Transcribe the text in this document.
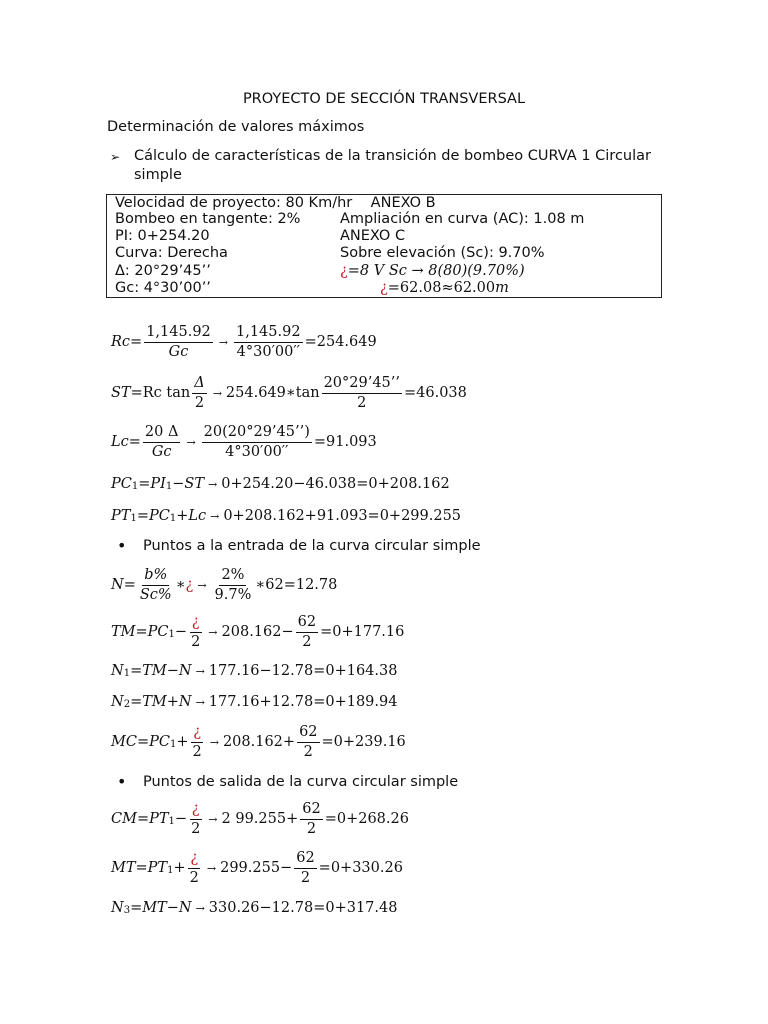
PROYECTO DE SECCIÓN TRANSVERSAL
Determinación de valores máximos
➢ Cálculo de características de la transición de bombeo CURVA 1 Circular simple
Velocidad de proyecto: 80 Km/hr ANEXO B
Bombeo en tangente: 2%	Ampliación en curva (AC): 1.08 m
PI: 0+254.20	ANEXO C
Curva: Derecha	Sobre elevación (Sc): 9.70%
Δ: 20°29’45’’	¿=8 V Sc → 8(80)(9.70%)
Gc: 4°30’00’’	¿=62.08≈62.00m
$Rc = \frac{1,145.92}{Gc} \to \frac{1,145.92}{4^\circ 30'00''} =254.649$
ST =Rc $\tan \frac{\Delta}{2}$ → 254.649∗tan $\frac{20^\circ 29’45’’}{2} =46.038$
$Lc = \frac{20 \Delta}{Gc} \to \frac{20(20^\circ 29’45’’)}{4^\circ 30'00''} =91.093$
$PC_1 =PI_1 -ST \to 0+254.20-46.038=0+208.162$
$PT_1 =PC_1 +Lc \to 0+208.162+91.093=0+299.255$
• Puntos a la entrada de la curva circular simple
$N= \frac{b\%}{Sc\%}$ ∗ ¿ → $\frac{2\%}{9.7\%}$ ∗62=12.78
$TM=PC_1 - \frac{¿}{2} \to 208.162- \frac{62}{2} =0+177.16$
$N_1 =TM-N \to 177.16-12.78=0+164.38$
$N_2 =TM+N \to 177.16+12.78=0+189.94$
$MC=PC_1 + \frac{¿}{2} \to 208.162+ \frac{62}{2} =0+239.16$
• Puntos de salida de la curva circular simple
$CM=PT_1 - \frac{¿}{2} \to 2$ $99.255+ \frac{62}{2} =0+268.26$
$MT=PT_1 + \frac{¿}{2} \to 299.255- \frac{62}{2} =0+330.26$
$N_3 =MT-N \to 330.26-12.78=0+317.48$
